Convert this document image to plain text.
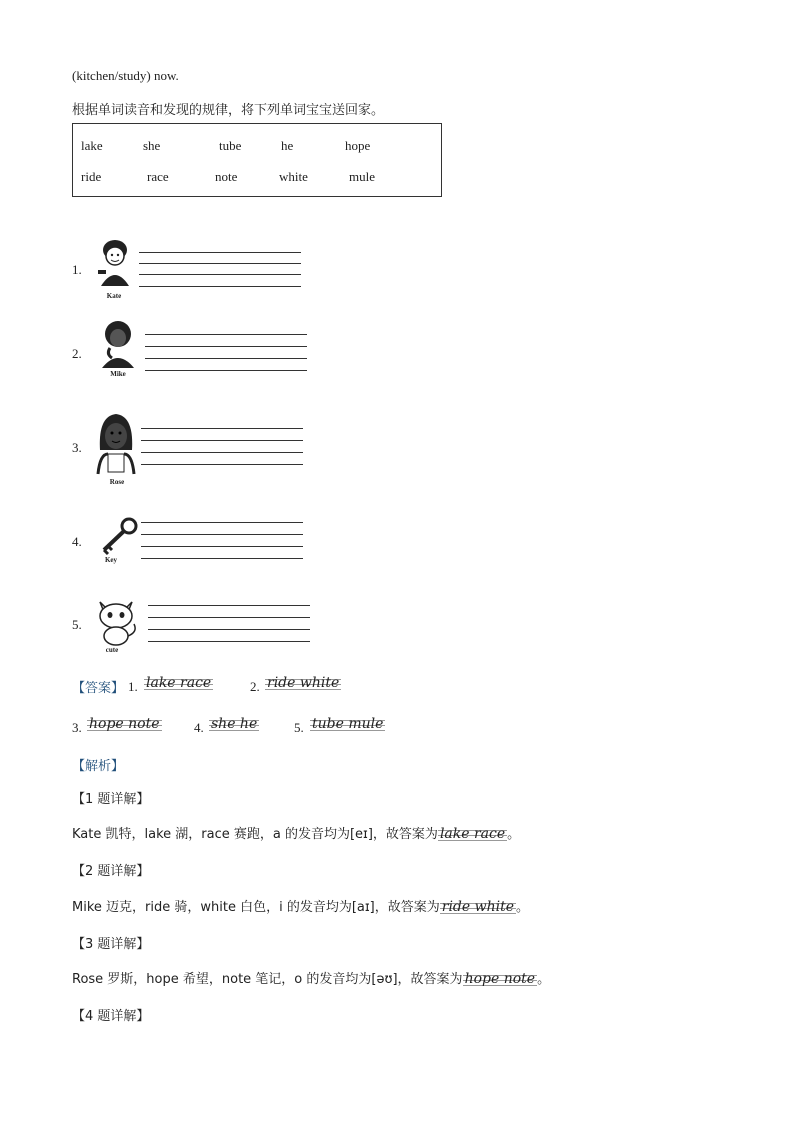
(kitchen/study) now.
根据单词读音和发现的规律，将下列单词宝宝送回家。
lake	she	tube	he	hope
ride	race	note	white	mule
1.
Kate
2.
Mike
3.
Rose
4.
Key
5.
cute
【答案】 1. lake race	2. ride white
3. hope note	4. she he	5. tube mule
【解析】
【1 题详解】
Kate 凯特，lake 湖，race 赛跑，a 的发音均为[eɪ]，故答案为 lake race 。
【2 题详解】
Mike 迈克，ride 骑，white 白色，i 的发音均为[aɪ]，故答案为 ride white 。
【3 题详解】
Rose 罗斯，hope 希望，note 笔记，o 的发音均为[əʊ]，故答案为 hope note 。
【4 题详解】
